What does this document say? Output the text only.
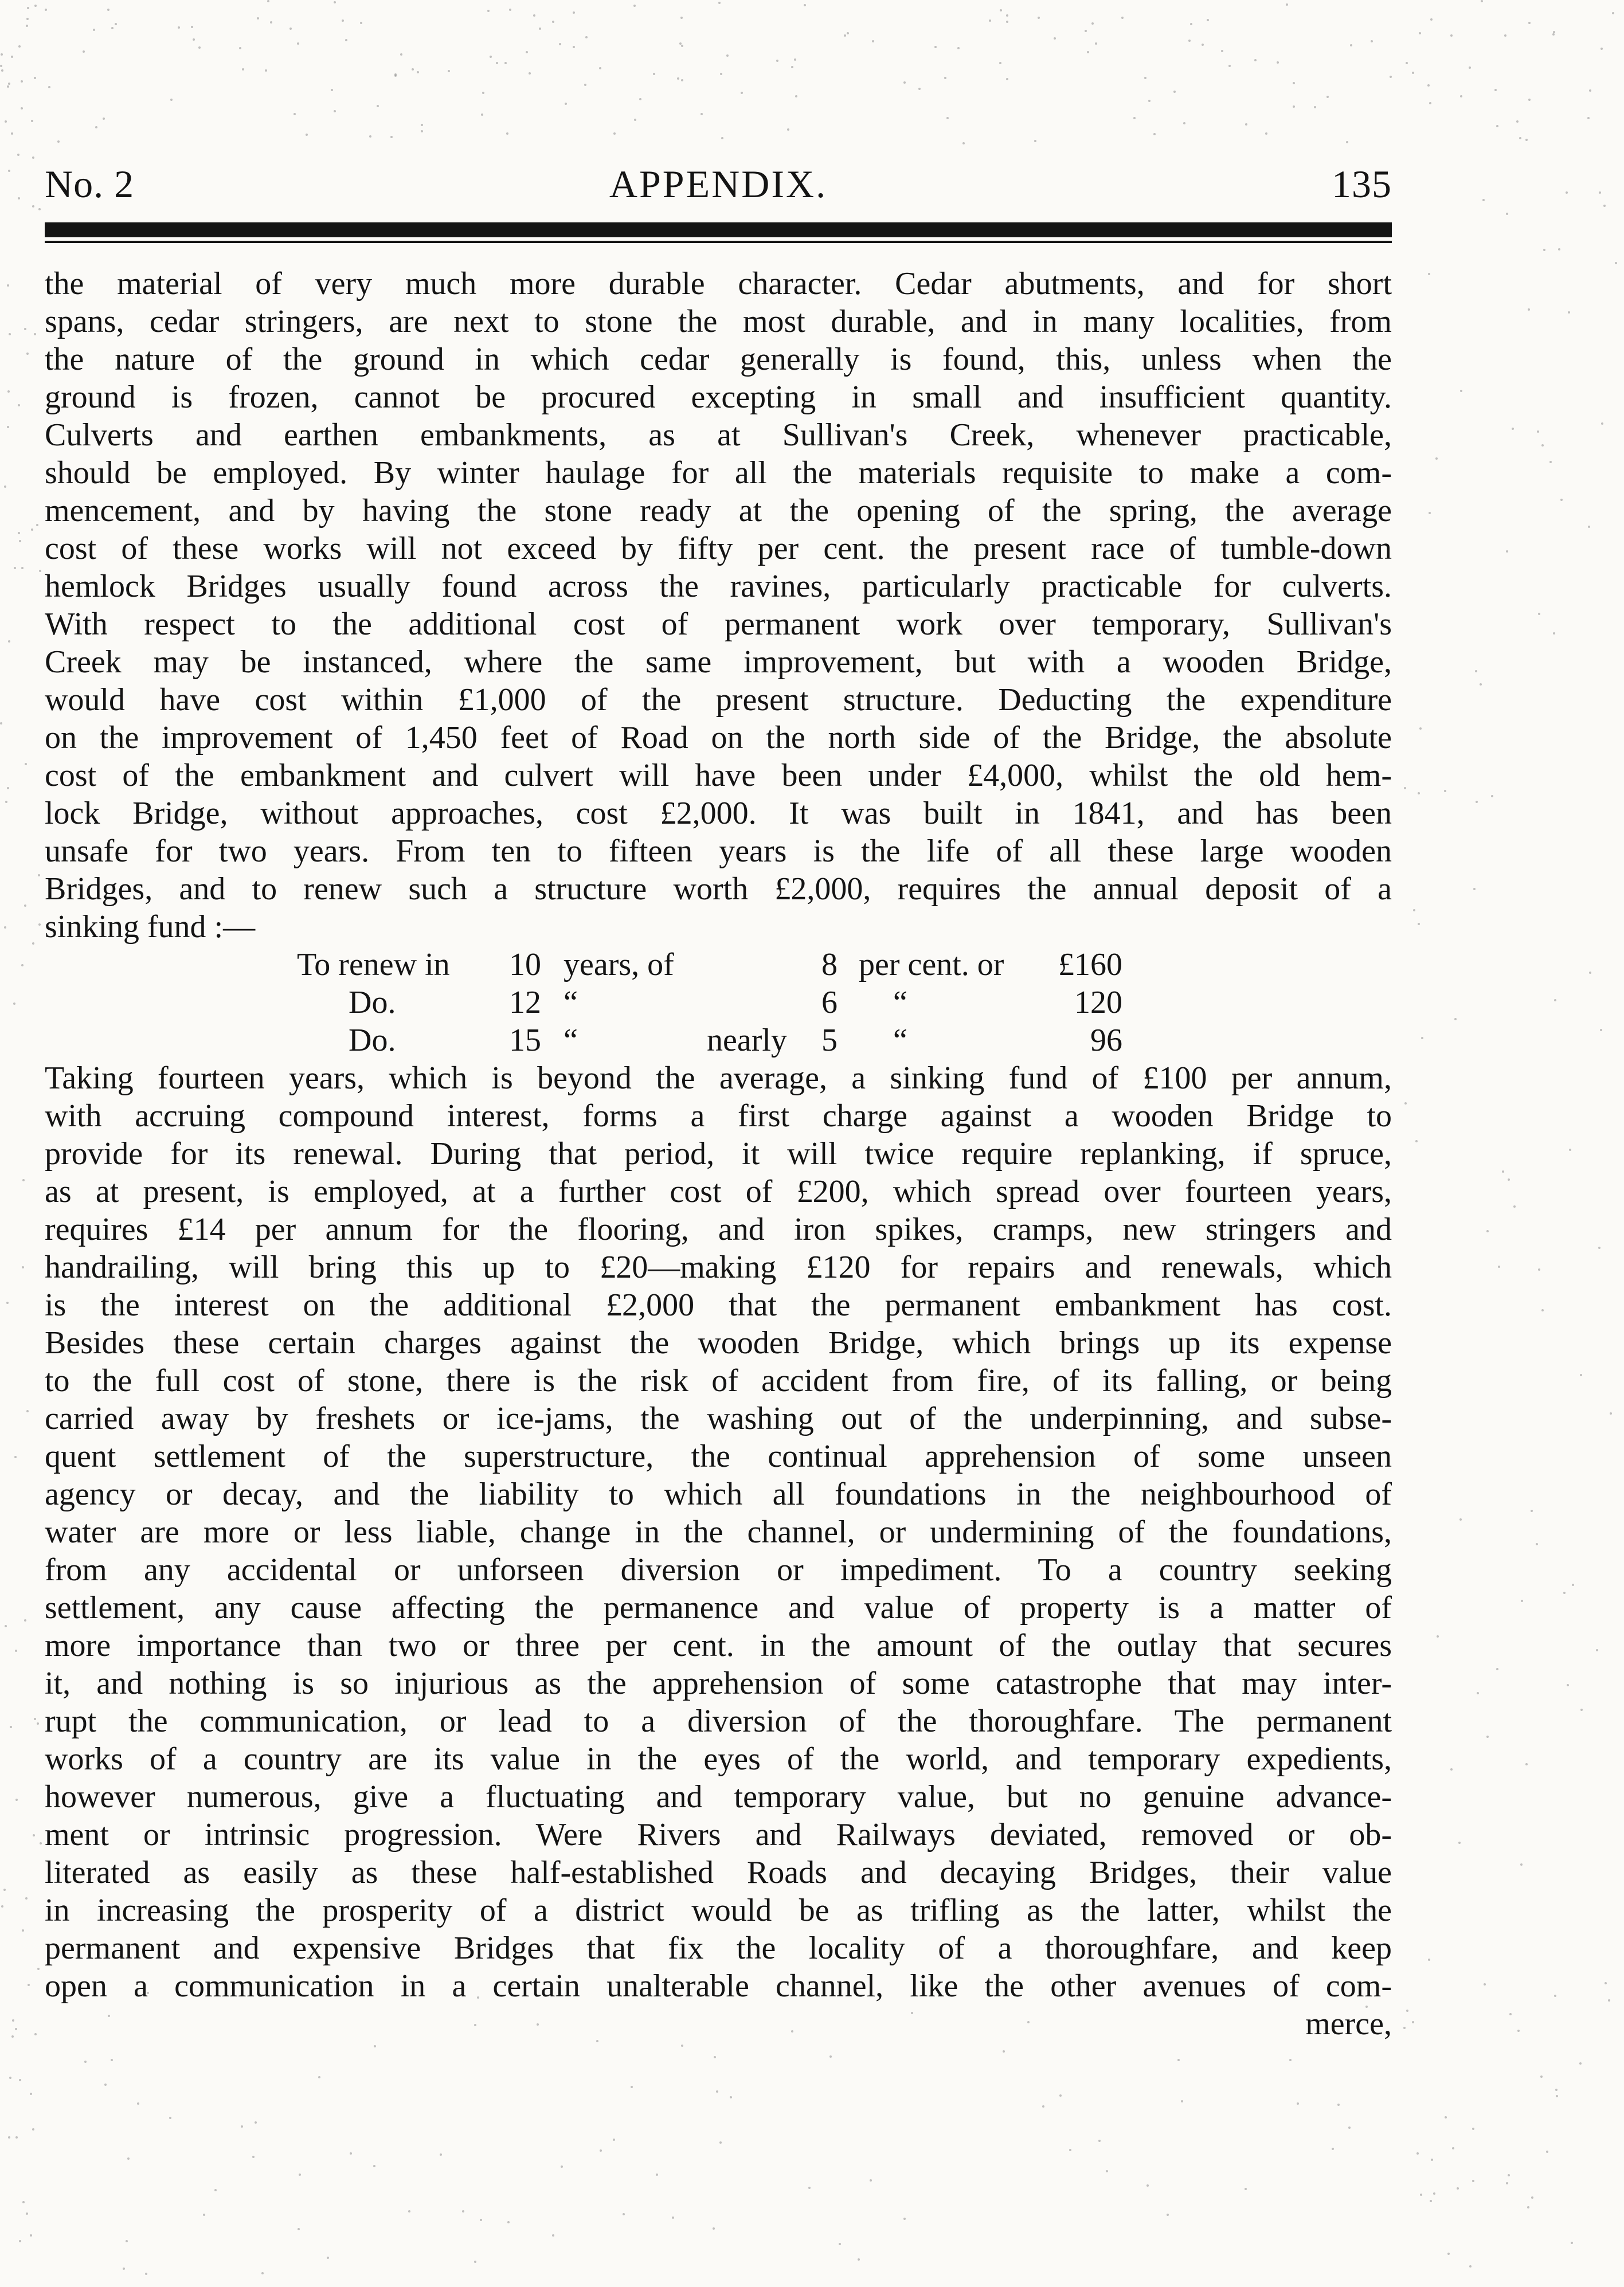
No. 2	APPENDIX.	135
the material of very much more durable character. Cedar abutments, and for short
spans, cedar stringers, are next to stone the most durable, and in many localities, from
the nature of the ground in which cedar generally is found, this, unless when the
ground is frozen, cannot be procured excepting in small and insufficient quantity.
Culverts and earthen embankments, as at Sullivan's Creek, whenever practicable,
should be employed. By winter haulage for all the materials requisite to make a com-
mencement, and by having the stone ready at the opening of the spring, the average
cost of these works will not exceed by fifty per cent. the present race of tumble-down
hemlock Bridges usually found across the ravines, particularly practicable for culverts.
With respect to the additional cost of permanent work over temporary, Sullivan's
Creek may be instanced, where the same improvement, but with a wooden Bridge,
would have cost within £1,000 of the present structure. Deducting the expenditure
on the improvement of 1,450 feet of Road on the north side of the Bridge, the absolute
cost of the embankment and culvert will have been under £4,000, whilst the old hem-
lock Bridge, without approaches, cost £2,000. It was built in 1841, and has been
unsafe for two years. From ten to fifteen years is the life of all these large wooden
Bridges, and to renew such a structure worth £2,000, requires the annual deposit of a
sinking fund :—
To renew in 10 years, of	8 per cent. or £160
Do.	12 “	6 “	120
Do.	15 “	nearly 5 “	96
Taking fourteen years, which is beyond the average, a sinking fund of £100 per annum,
with accruing compound interest, forms a first charge against a wooden Bridge to
provide for its renewal. During that period, it will twice require replanking, if spruce,
as at present, is employed, at a further cost of £200, which spread over fourteen years,
requires £14 per annum for the flooring, and iron spikes, cramps, new stringers and
handrailing, will bring this up to £20—making £120 for repairs and renewals, which
is the interest on the additional £2,000 that the permanent embankment has cost.
Besides these certain charges against the wooden Bridge, which brings up its expense
to the full cost of stone, there is the risk of accident from fire, of its falling, or being
carried away by freshets or ice-jams, the washing out of the underpinning, and subse-
quent settlement of the superstructure, the continual apprehension of some unseen
agency or decay, and the liability to which all foundations in the neighbourhood of
water are more or less liable, change in the channel, or undermining of the foundations,
from any accidental or unforseen diversion or impediment. To a country seeking
settlement, any cause affecting the permanence and value of property is a matter of
more importance than two or three per cent. in the amount of the outlay that secures
it, and nothing is so injurious as the apprehension of some catastrophe that may inter-
rupt the communication, or lead to a diversion of the thoroughfare. The permanent
works of a country are its value in the eyes of the world, and temporary expedients,
however numerous, give a fluctuating and temporary value, but no genuine advance-
ment or intrinsic progression. Were Rivers and Railways deviated, removed or ob-
literated as easily as these half-established Roads and decaying Bridges, their value
in increasing the prosperity of a district would be as trifling as the latter, whilst the
permanent and expensive Bridges that fix the locality of a thoroughfare, and keep
open a communication in a certain unalterable channel, like the other avenues of com-
merce,
